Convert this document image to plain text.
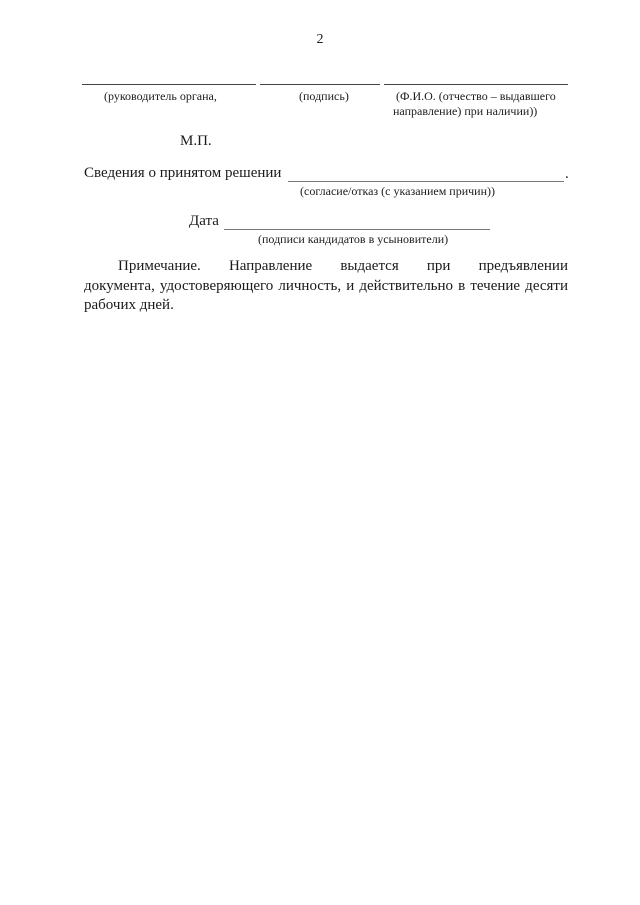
2
(руководитель органа,	(подпись)	(Ф.И.О. (отчество – выдавшего
направление) при наличии))
М.П.
Сведения о принятом решении	.
(согласие/отказ (с указанием причин))
Дата
(подписи кандидатов в усыновители)
Примечание. Направление выдается при предъявлении
документа, удостоверяющего личность, и действительно в течение десяти
рабочих дней.
